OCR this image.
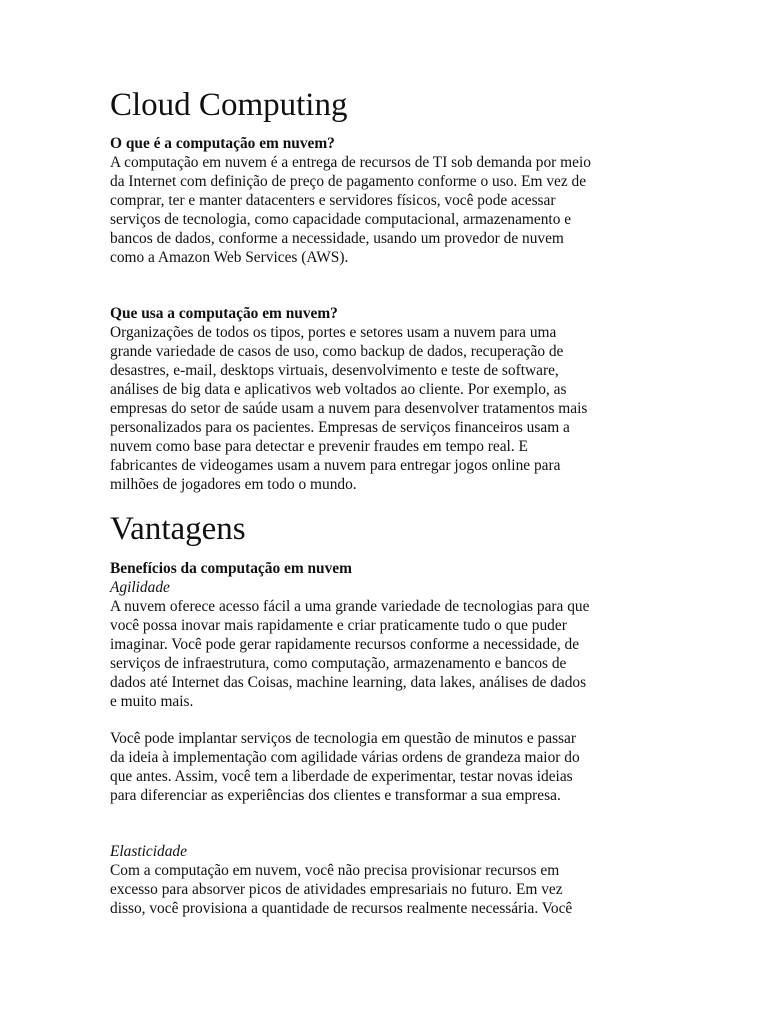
Cloud Computing
O que é a computação em nuvem?
A computação em nuvem é a entrega de recursos de TI sob demanda por meio
da Internet com definição de preço de pagamento conforme o uso. Em vez de
comprar, ter e manter datacenters e servidores físicos, você pode acessar
serviços de tecnologia, como capacidade computacional, armazenamento e
bancos de dados, conforme a necessidade, usando um provedor de nuvem
como a Amazon Web Services (AWS).
Que usa a computação em nuvem?
Organizações de todos os tipos, portes e setores usam a nuvem para uma
grande variedade de casos de uso, como backup de dados, recuperação de
desastres, e-mail, desktops virtuais, desenvolvimento e teste de software,
análises de big data e aplicativos web voltados ao cliente. Por exemplo, as
empresas do setor de saúde usam a nuvem para desenvolver tratamentos mais
personalizados para os pacientes. Empresas de serviços financeiros usam a
nuvem como base para detectar e prevenir fraudes em tempo real. E
fabricantes de videogames usam a nuvem para entregar jogos online para
milhões de jogadores em todo o mundo.
Vantagens
Benefícios da computação em nuvem
Agilidade
A nuvem oferece acesso fácil a uma grande variedade de tecnologias para que
você possa inovar mais rapidamente e criar praticamente tudo o que puder
imaginar. Você pode gerar rapidamente recursos conforme a necessidade, de
serviços de infraestrutura, como computação, armazenamento e bancos de
dados até Internet das Coisas, machine learning, data lakes, análises de dados
e muito mais.
Você pode implantar serviços de tecnologia em questão de minutos e passar
da ideia à implementação com agilidade várias ordens de grandeza maior do
que antes. Assim, você tem a liberdade de experimentar, testar novas ideias
para diferenciar as experiências dos clientes e transformar a sua empresa.
Elasticidade
Com a computação em nuvem, você não precisa provisionar recursos em
excesso para absorver picos de atividades empresariais no futuro. Em vez
disso, você provisiona a quantidade de recursos realmente necessária. Você
